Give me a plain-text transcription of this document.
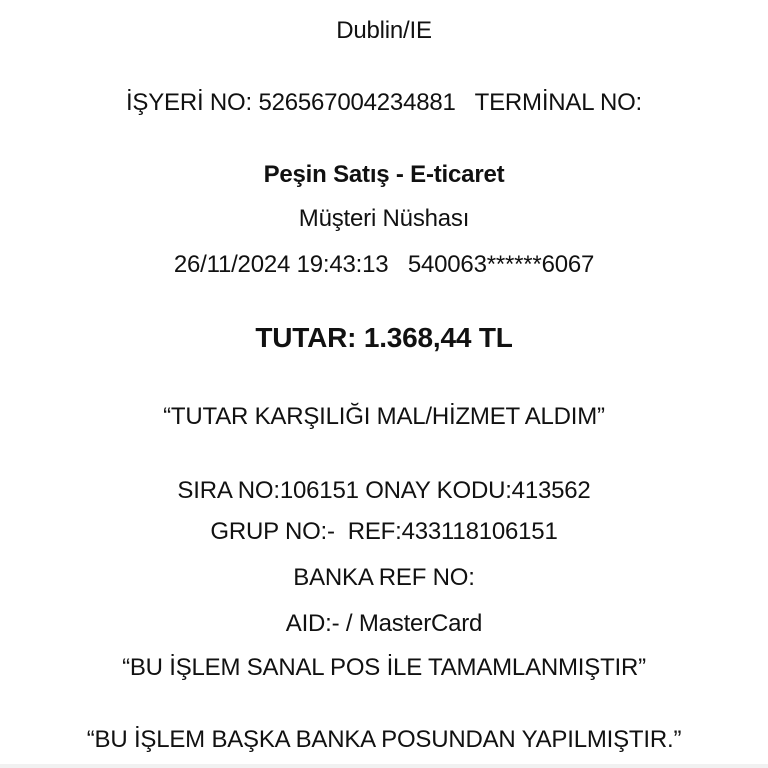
Dublin/IE
İŞYERİ NO: 526567004234881   TERMİNAL NO:
Peşin Satış - E-ticaret
Müşteri Nüshası
26/11/2024 19:43:13   540063******6067
TUTAR: 1.368,44 TL
“TUTAR KARŞILIĞI MAL/HİZMET ALDIM”
SIRA NO:106151 ONAY KODU:413562
GRUP NO:-  REF:433118106151
BANKA REF NO:
AID:- / MasterCard
“BU İŞLEM SANAL POS İLE TAMAMLANMIŞTIR”
“BU İŞLEM BAŞKA BANKA POSUNDAN YAPILMIŞTIR.”
